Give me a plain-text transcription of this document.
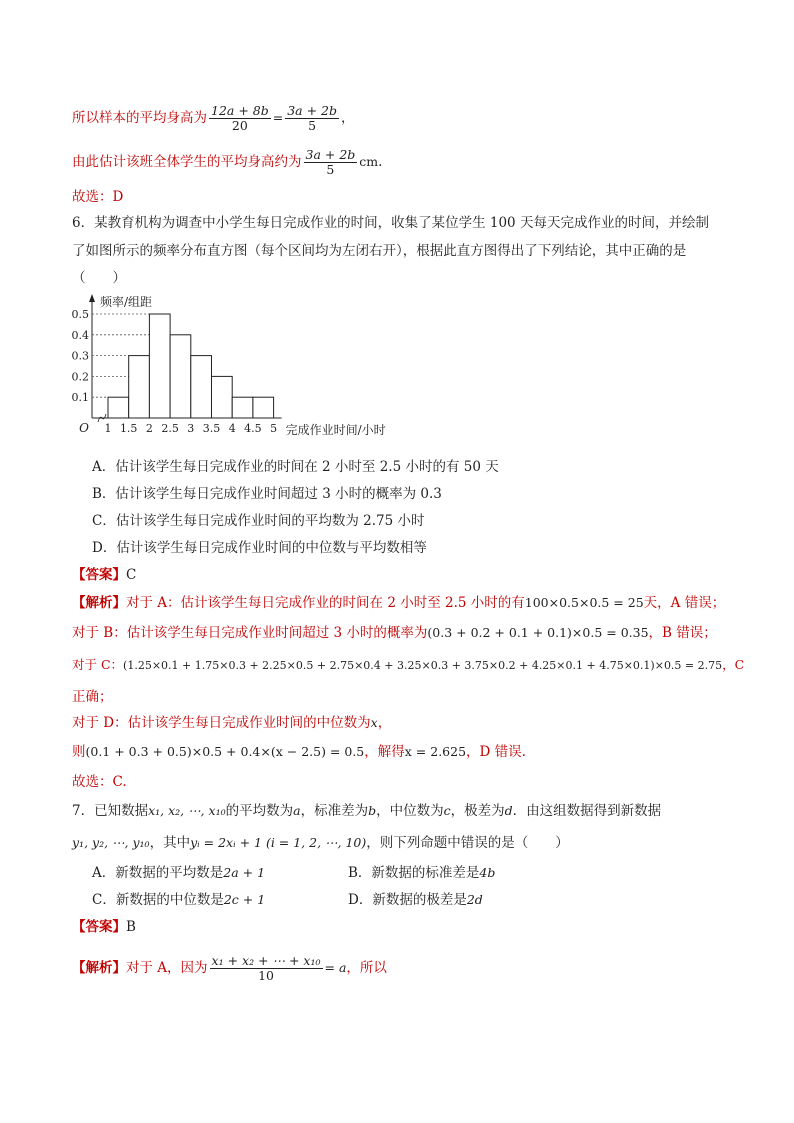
所以样本的平均身高为 $\frac{12a + 8b}{20} = \frac{3a + 2b}{5}$ ，
由此估计该班全体学生的平均身高约为 $\frac{3a + 2b}{5}$ cm.
故选：D
6．某教育机构为调查中小学生每日完成作业的时间，收集了某位学生 100 天每天完成作业的时间，并绘制
了如图所示的频率分布直方图（每个区间均为左闭右开），根据此直方图得出了下列结论，其中正确的是
（　　）
0.1
0.2
0.3
0.4
0.5
1 1.5 2 2.5 3 3.5 4 4.5 5
O
频率/组距
完成作业时间/小时
A．估计该学生每日完成作业的时间在 2 小时至 2.5 小时的有 50 天
B．估计该学生每日完成作业时间超过 3 小时的概率为 0.3
C．估计该学生每日完成作业时间的平均数为 2.75 小时
D．估计该学生每日完成作业时间的中位数与平均数相等
【答案】C
【解析】对于 A：估计该学生每日完成作业的时间在 2 小时至 2.5 小时的有100×0.5×0.5 = 25天，A 错误；
对于 B：估计该学生每日完成作业时间超过 3 小时的概率为(0.3 + 0.2 + 0.1 + 0.1)×0.5 = 0.35，B 错误；
对于 C：(1.25×0.1 + 1.75×0.3 + 2.25×0.5 + 2.75×0.4 + 3.25×0.3 + 3.75×0.2 + 4.25×0.1 + 4.75×0.1)×0.5 = 2.75，C
正确；
对于 D：估计该学生每日完成作业时间的中位数为x，
则(0.1 + 0.3 + 0.5)×0.5 + 0.4×(x − 2.5) = 0.5，解得x = 2.625，D 错误.
故选：C.
7．已知数据x₁, x₂, ⋯, x₁₀的平均数为a，标准差为b，中位数为c，极差为d．由这组数据得到新数据
y₁, y₂, ⋯, y₁₀，其中yᵢ = 2xᵢ + 1 (i = 1, 2, ⋯, 10)，则下列命题中错误的是（　　）
A．新数据的平均数是2a + 1	B．新数据的标准差是4b
C．新数据的中位数是2c + 1	D．新数据的极差是2d
【答案】B
【解析】对于 A，因为 $\frac{\text{x₁ + x₂ + ⋯ + x₁₀}}{10} = a$，所以
